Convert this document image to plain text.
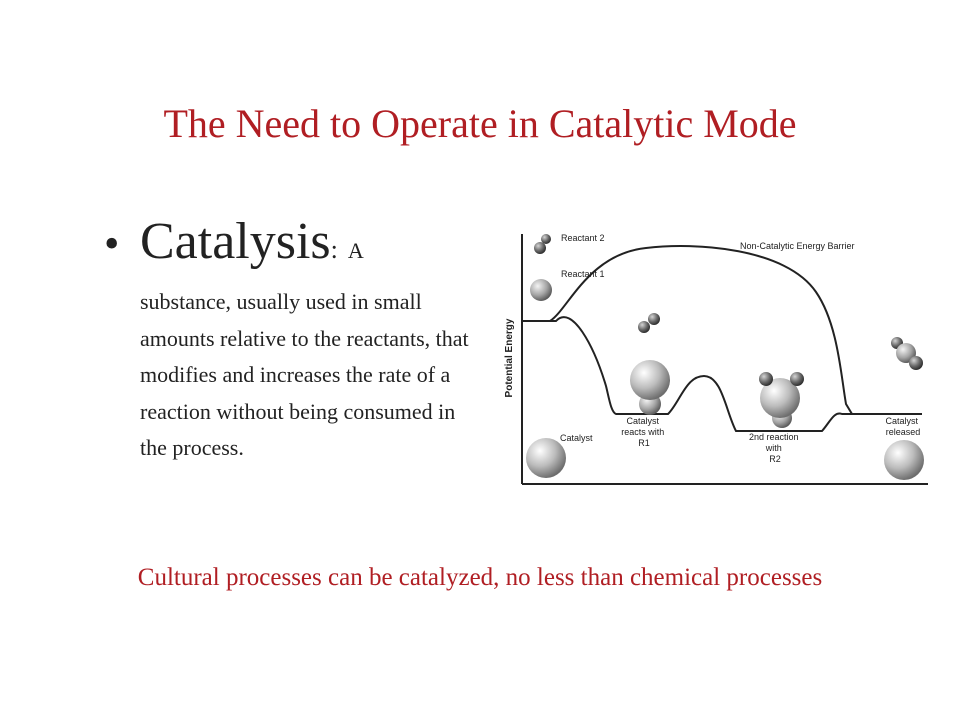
The Need to Operate in Catalytic Mode
• Catalysis: A
substance, usually used in small amounts relative to the reactants, that modifies and increases the rate of a reaction without being consumed in the process.
Potential Energy
Non-Catalytic Energy Barrier
Reactant 2
Reactant 1
Catalyst
Catalyst reacts with R1
2nd reaction with R2
Catalyst released
Cultural processes can be catalyzed, no less than chemical processes
